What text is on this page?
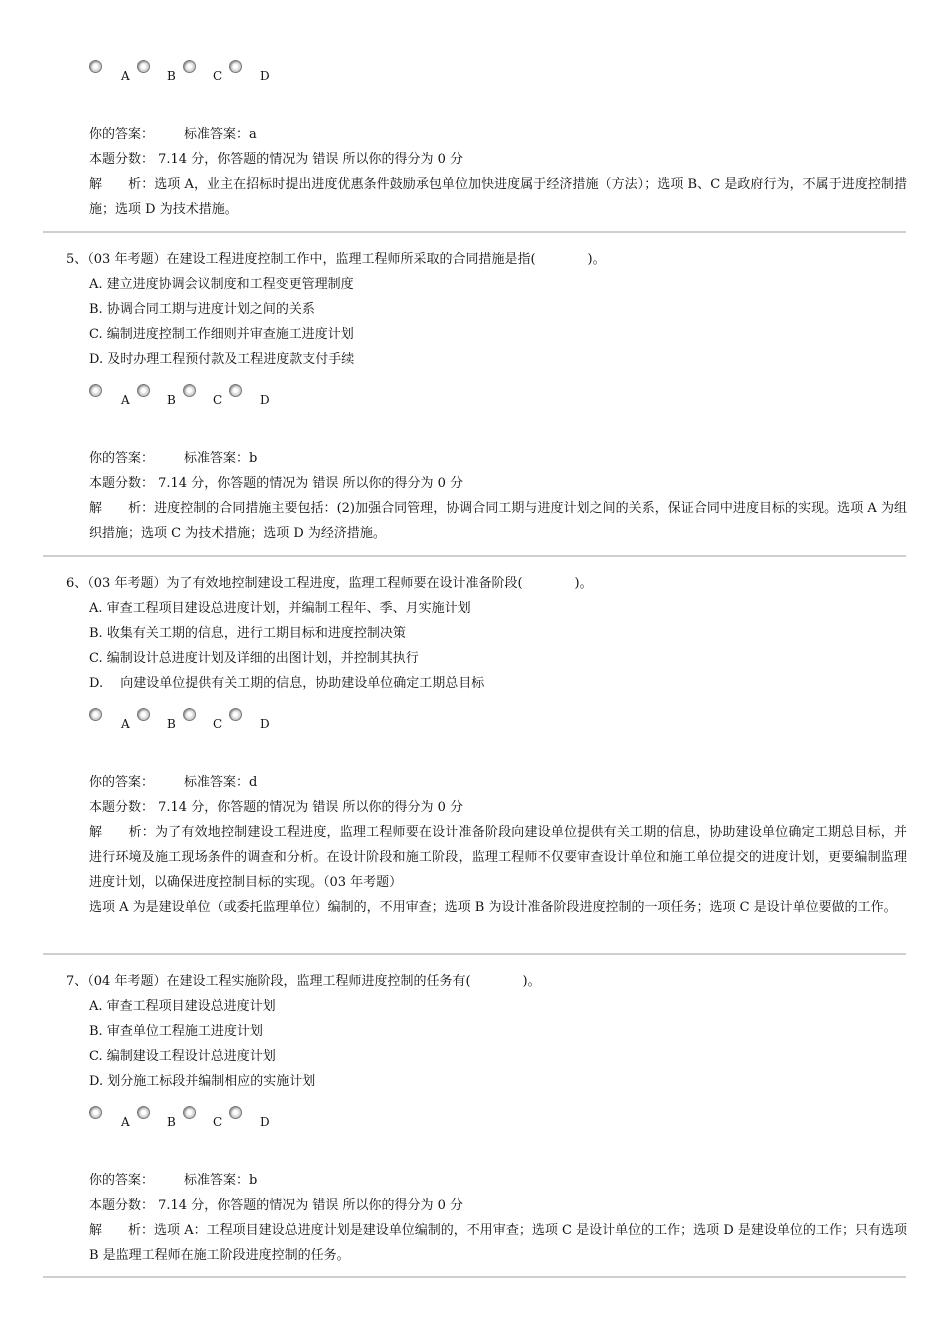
A	B	C	D
你的答案： 标准答案：a
本题分数： 7.14 分，你答题的情况为 错误 所以你的得分为 0 分
解　　析：选项 A，业主在招标时提出进度优惠条件鼓励承包单位加快进度属于经济措施（方法）；选项 B、C 是政府行为，不属于进度控制措施；选项 D 为技术措施。
5、（03 年考题）在建设工程进度控制工作中，监理工程师所采取的合同措施是指(　　　　)。
A. 建立进度协调会议制度和工程变更管理制度
B. 协调合同工期与进度计划之间的关系
C. 编制进度控制工作细则并审查施工进度计划
D. 及时办理工程预付款及工程进度款支付手续
A	B	C	D
你的答案： 标准答案：b
本题分数： 7.14 分，你答题的情况为 错误 所以你的得分为 0 分
解　　析：进度控制的合同措施主要包括：(2)加强合同管理，协调合同工期与进度计划之间的关系，保证合同中进度目标的实现。选项 A 为组织措施；选项 C 为技术措施；选项 D 为经济措施。
6、（03 年考题）为了有效地控制建设工程进度，监理工程师要在设计准备阶段(　　　　)。
A. 审查工程项目建设总进度计划，并编制工程年、季、月实施计划
B. 收集有关工期的信息，进行工期目标和进度控制决策
C. 编制设计总进度计划及详细的出图计划，并控制其执行
D.　 向建设单位提供有关工期的信息，协助建设单位确定工期总目标
A	B	C	D
你的答案： 标准答案：d
本题分数： 7.14 分，你答题的情况为 错误 所以你的得分为 0 分
解　　析：为了有效地控制建设工程进度，监理工程师要在设计准备阶段向建设单位提供有关工期的信息，协助建设单位确定工期总目标，并进行环境及施工现场条件的调查和分析。在设计阶段和施工阶段，监理工程师不仅要审查设计单位和施工单位提交的进度计划，更要编制监理进度计划，以确保进度控制目标的实现。（03 年考题）
选项 A 为是建设单位（或委托监理单位）编制的，不用审查；选项 B 为设计准备阶段进度控制的一项任务；选项 C 是设计单位要做的工作。
7、（04 年考题）在建设工程实施阶段，监理工程师进度控制的任务有(　　　　)。
A. 审查工程项目建设总进度计划
B. 审查单位工程施工进度计划
C. 编制建设工程设计总进度计划
D. 划分施工标段并编制相应的实施计划
A	B	C	D
你的答案： 标准答案：b
本题分数： 7.14 分，你答题的情况为 错误 所以你的得分为 0 分
解　　析：选项 A：工程项目建设总进度计划是建设单位编制的，不用审查；选项 C 是设计单位的工作；选项 D 是建设单位的工作；只有选项 B 是监理工程师在施工阶段进度控制的任务。
